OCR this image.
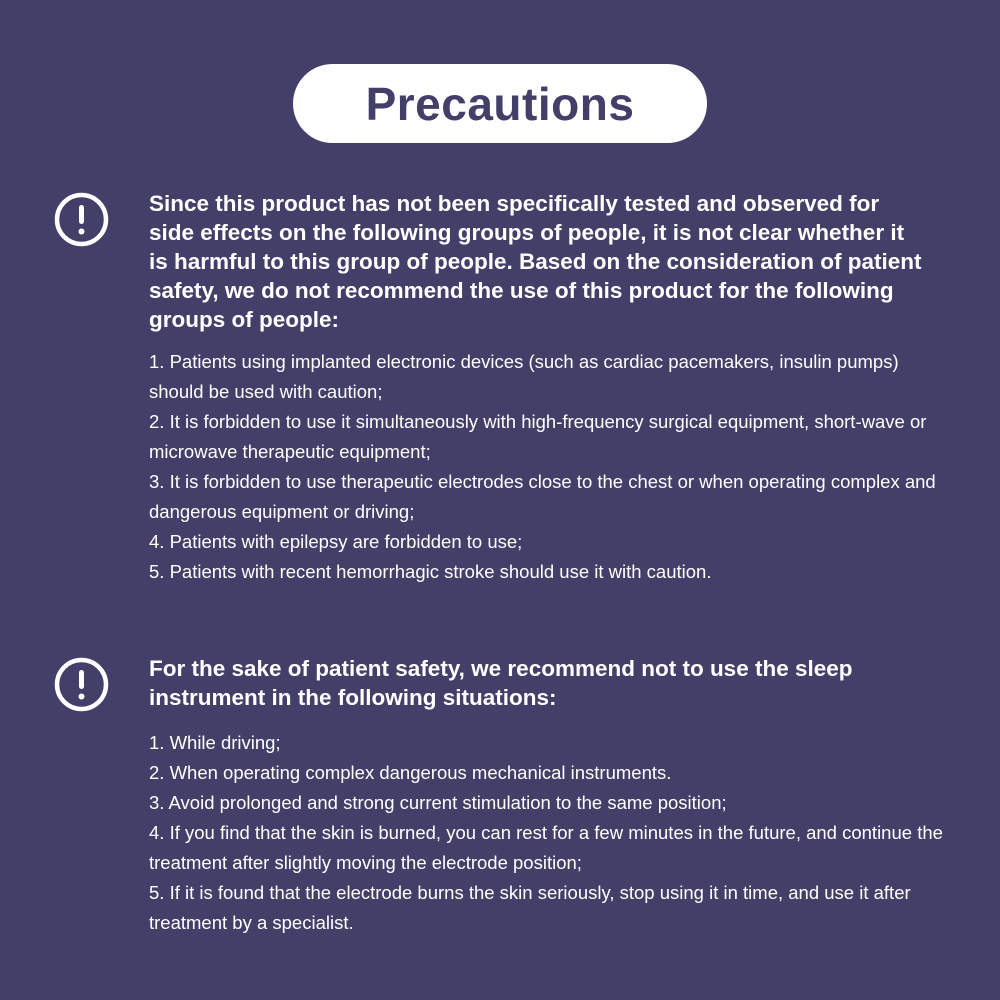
Precautions

Since this product has not been specifically tested and observed for side effects on the following groups of people, it is not clear whether it is harmful to this group of people. Based on the consideration of patient safety, we do not recommend the use of this product for the following groups of people:

1. Patients using implanted electronic devices (such as cardiac pacemakers, insulin pumps) should be used with caution;
2. It is forbidden to use it simultaneously with high-frequency surgical equipment, short-wave or microwave therapeutic equipment;
3. It is forbidden to use therapeutic electrodes close to the chest or when operating complex and dangerous equipment or driving;
4. Patients with epilepsy are forbidden to use;
5. Patients with recent hemorrhagic stroke should use it with caution.

For the sake of patient safety, we recommend not to use the sleep instrument in the following situations:

1. While driving;
2. When operating complex dangerous mechanical instruments.
3. Avoid prolonged and strong current stimulation to the same position;
4. If you find that the skin is burned, you can rest for a few minutes in the future, and continue the treatment after slightly moving the electrode position;
5. If it is found that the electrode burns the skin seriously, stop using it in time, and use it after treatment by a specialist.
